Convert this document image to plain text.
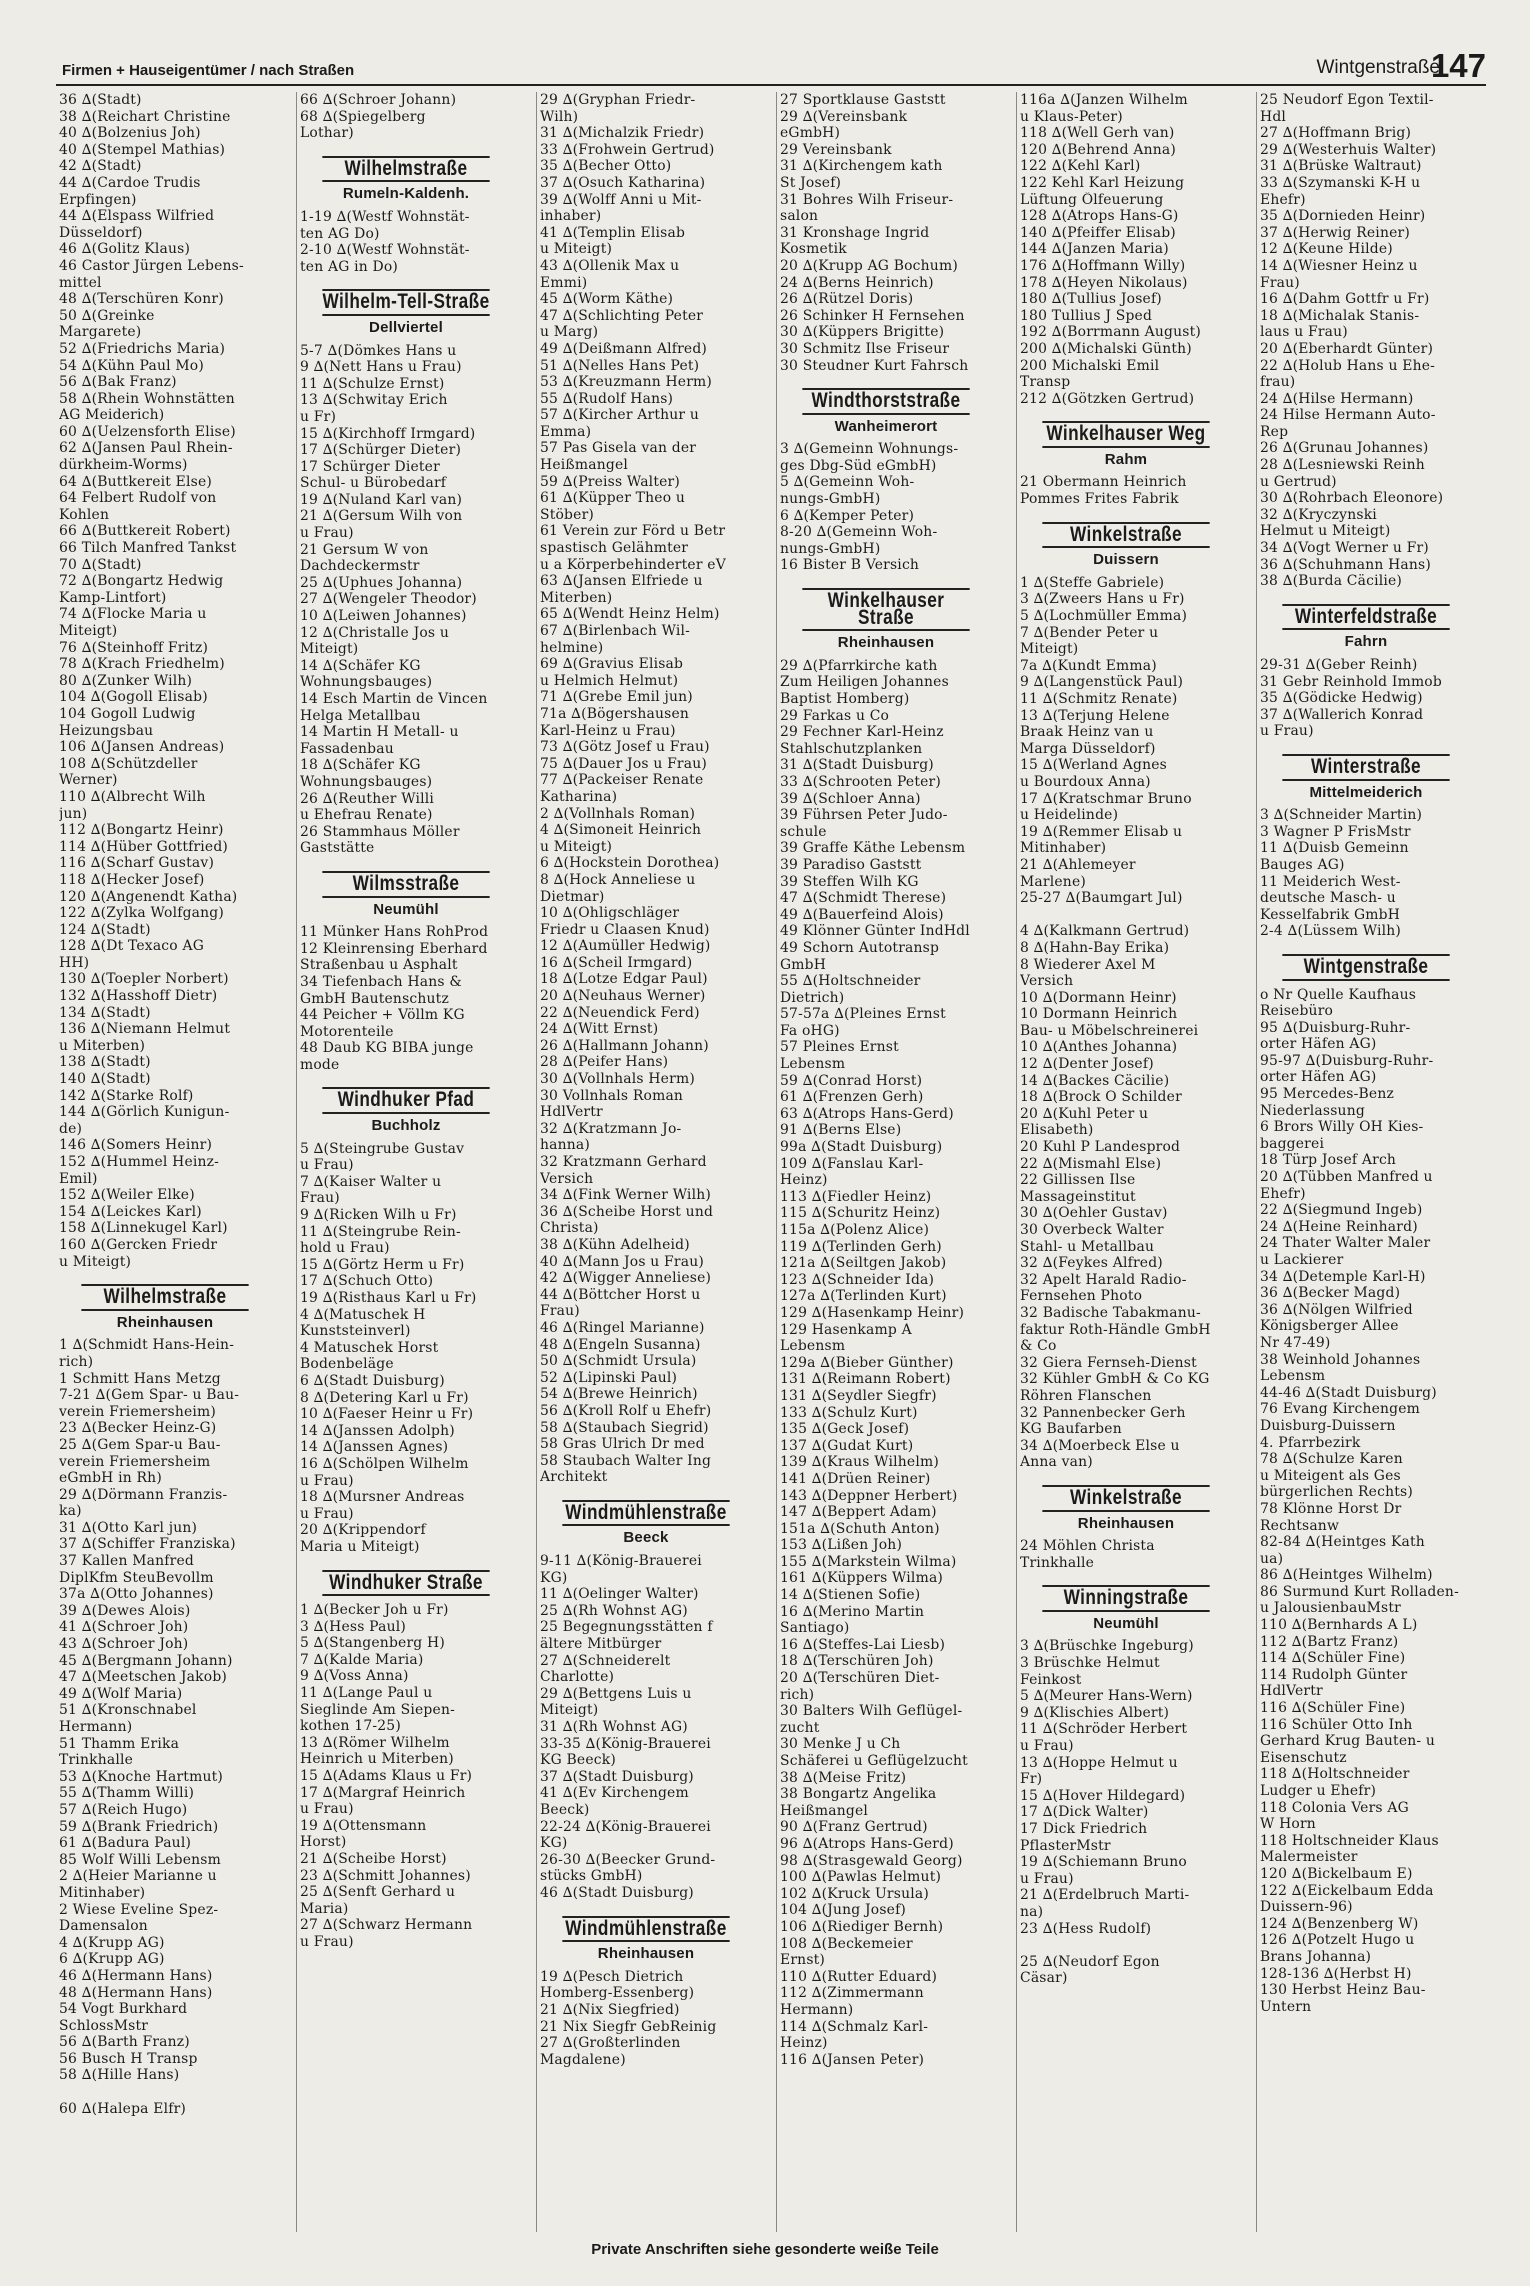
Firmen + Hauseigentümer / nach Straßen	Wintgenstraße
147
36 ∆(Stadt)
38 ∆(Reichart Christine
40 ∆(Bolzenius Joh)
40 ∆(Stempel Mathias)
42 ∆(Stadt)
44 ∆(Cardoe Trudis
Erpfingen)
44 ∆(Elspass Wilfried
Düsseldorf)
46 ∆(Golitz Klaus)
46 Castor Jürgen Lebens-
mittel
48 ∆(Terschüren Konr)
50 ∆(Greinke
Margarete)
52 ∆(Friedrichs Maria)
54 ∆(Kühn Paul Mo)
56 ∆(Bak Franz)
58 ∆(Rhein Wohnstätten
AG Meiderich)
60 ∆(Uelzensforth Elise)
62 ∆(Jansen Paul Rhein-
dürkheim-Worms)
64 ∆(Buttkereit Else)
64 Felbert Rudolf von
Kohlen
66 ∆(Buttkereit Robert)
66 Tilch Manfred Tankst
70 ∆(Stadt)
72 ∆(Bongartz Hedwig
Kamp-Lintfort)
74 ∆(Flocke Maria u
Miteigt)
76 ∆(Steinhoff Fritz)
78 ∆(Krach Friedhelm)
80 ∆(Zunker Wilh)
104 ∆(Gogoll Elisab)
104 Gogoll Ludwig
Heizungsbau
106 ∆(Jansen Andreas)
108 ∆(Schützdeller
Werner)
110 ∆(Albrecht Wilh
jun)
112 ∆(Bongartz Heinr)
114 ∆(Hüber Gottfried)
116 ∆(Scharf Gustav)
118 ∆(Hecker Josef)
120 ∆(Angenendt Katha)
122 ∆(Zylka Wolfgang)
124 ∆(Stadt)
128 ∆(Dt Texaco AG
HH)
130 ∆(Toepler Norbert)
132 ∆(Hasshoff Dietr)
134 ∆(Stadt)
136 ∆(Niemann Helmut
u Miterben)
138 ∆(Stadt)
140 ∆(Stadt)
142 ∆(Starke Rolf)
144 ∆(Görlich Kunigun-
de)
146 ∆(Somers Heinr)
152 ∆(Hummel Heinz-
Emil)
152 ∆(Weiler Elke)
154 ∆(Leickes Karl)
158 ∆(Linnekugel Karl)
160 ∆(Gercken Friedr
u Miteigt)
Wilhelmstraße
Rheinhausen
1 ∆(Schmidt Hans-Hein-
rich)
1 Schmitt Hans Metzg
7-21 ∆(Gem Spar- u Bau-
verein Friemersheim)
23 ∆(Becker Heinz-G)
25 ∆(Gem Spar-u Bau-
verein Friemersheim
eGmbH in Rh)
29 ∆(Dörmann Franzis-
ka)
31 ∆(Otto Karl jun)
37 ∆(Schiffer Franziska)
37 Kallen Manfred
DiplKfm SteuBevollm
37a ∆(Otto Johannes)
39 ∆(Dewes Alois)
41 ∆(Schroer Joh)
43 ∆(Schroer Joh)
45 ∆(Bergmann Johann)
47 ∆(Meetschen Jakob)
49 ∆(Wolf Maria)
51 ∆(Kronschnabel
Hermann)
51 Thamm Erika
Trinkhalle
53 ∆(Knoche Hartmut)
55 ∆(Thamm Willi)
57 ∆(Reich Hugo)
59 ∆(Brank Friedrich)
61 ∆(Badura Paul)
85 Wolf Willi Lebensm
2 ∆(Heier Marianne u
Mitinhaber)
2 Wiese Eveline Spez-
Damensalon
4 ∆(Krupp AG)
6 ∆(Krupp AG)
46 ∆(Hermann Hans)
48 ∆(Hermann Hans)
54 Vogt Burkhard
SchlossMstr
56 ∆(Barth Franz)
56 Busch H Transp
58 ∆(Hille Hans)

60 ∆(Halepa Elfr)
66 ∆(Schroer Johann)
68 ∆(Spiegelberg
Lothar)
Wilhelmstraße
Rumeln-Kaldenh.
1-19 ∆(Westf Wohnstät-
ten AG Do)
2-10 ∆(Westf Wohnstät-
ten AG in Do)
Wilhelm-Tell-Straße
Dellviertel
5-7 ∆(Dömkes Hans u
9 ∆(Nett Hans u Frau)
11 ∆(Schulze Ernst)
13 ∆(Schwitay Erich
u Fr)
15 ∆(Kirchhoff Irmgard)
17 ∆(Schürger Dieter)
17 Schürger Dieter
Schul- u Bürobedarf
19 ∆(Nuland Karl van)
21 ∆(Gersum Wilh von
u Frau)
21 Gersum W von
Dachdeckermstr
25 ∆(Uphues Johanna)
27 ∆(Wengeler Theodor)
10 ∆(Leiwen Johannes)
12 ∆(Christalle Jos u
Miteigt)
14 ∆(Schäfer KG
Wohnungsbauges)
14 Esch Martin de Vincen
Helga Metallbau
14 Martin H Metall- u
Fassadenbau
18 ∆(Schäfer KG
Wohnungsbauges)
26 ∆(Reuther Willi
u Ehefrau Renate)
26 Stammhaus Möller
Gaststätte
Wilmsstraße
Neumühl
11 Münker Hans RohProd
12 Kleinrensing Eberhard
Straßenbau u Asphalt
34 Tiefenbach Hans &
GmbH Bautenschutz
44 Peicher + Völlm KG
Motorenteile
48 Daub KG BIBA junge
mode
Windhuker Pfad
Buchholz
5 ∆(Steingrube Gustav
u Frau)
7 ∆(Kaiser Walter u
Frau)
9 ∆(Ricken Wilh u Fr)
11 ∆(Steingrube Rein-
hold u Frau)
15 ∆(Görtz Herm u Fr)
17 ∆(Schuch Otto)
19 ∆(Risthaus Karl u Fr)
4 ∆(Matuschek H
Kunststeinverl)
4 Matuschek Horst
Bodenbeläge
6 ∆(Stadt Duisburg)
8 ∆(Detering Karl u Fr)
10 ∆(Faeser Heinr u Fr)
14 ∆(Janssen Adolph)
14 ∆(Janssen Agnes)
16 ∆(Schölpen Wilhelm
u Frau)
18 ∆(Mursner Andreas
u Frau)
20 ∆(Krippendorf
Maria u Miteigt)
Windhuker Straße
1 ∆(Becker Joh u Fr)
3 ∆(Hess Paul)
5 ∆(Stangenberg H)
7 ∆(Kalde Maria)
9 ∆(Voss Anna)
11 ∆(Lange Paul u
Sieglinde Am Siepen-
kothen 17-25)
13 ∆(Römer Wilhelm
Heinrich u Miterben)
15 ∆(Adams Klaus u Fr)
17 ∆(Margraf Heinrich
u Frau)
19 ∆(Ottensmann
Horst)
21 ∆(Scheibe Horst)
23 ∆(Schmitt Johannes)
25 ∆(Senft Gerhard u
Maria)
27 ∆(Schwarz Hermann
u Frau)
29 ∆(Gryphan Friedr-
Wilh)
31 ∆(Michalzik Friedr)
33 ∆(Frohwein Gertrud)
35 ∆(Becher Otto)
37 ∆(Osuch Katharina)
39 ∆(Wolff Anni u Mit-
inhaber)
41 ∆(Templin Elisab
u Miteigt)
43 ∆(Ollenik Max u
Emmi)
45 ∆(Worm Käthe)
47 ∆(Schlichting Peter
u Marg)
49 ∆(Deißmann Alfred)
51 ∆(Nelles Hans Pet)
53 ∆(Kreuzmann Herm)
55 ∆(Rudolf Hans)
57 ∆(Kircher Arthur u
Emma)
57 Pas Gisela van der
Heißmangel
59 ∆(Preiss Walter)
61 ∆(Küpper Theo u
Stöber)
61 Verein zur Förd u Betr
spastisch Gelähmter
u a Körperbehinderter eV
63 ∆(Jansen Elfriede u
Miterben)
65 ∆(Wendt Heinz Helm)
67 ∆(Birlenbach Wil-
helmine)
69 ∆(Gravius Elisab
u Helmich Helmut)
71 ∆(Grebe Emil jun)
71a ∆(Bögershausen
Karl-Heinz u Frau)
73 ∆(Götz Josef u Frau)
75 ∆(Dauer Jos u Frau)
77 ∆(Packeiser Renate
Katharina)
2 ∆(Vollnhals Roman)
4 ∆(Simoneit Heinrich
u Miteigt)
6 ∆(Hockstein Dorothea)
8 ∆(Hock Anneliese u
Dietmar)
10 ∆(Ohligschläger
Friedr u Claasen Knud)
12 ∆(Aumüller Hedwig)
16 ∆(Scheil Irmgard)
18 ∆(Lotze Edgar Paul)
20 ∆(Neuhaus Werner)
22 ∆(Neuendick Ferd)
24 ∆(Witt Ernst)
26 ∆(Hallmann Johann)
28 ∆(Peifer Hans)
30 ∆(Vollnhals Herm)
30 Vollnhals Roman
HdlVertr
32 ∆(Kratzmann Jo-
hanna)
32 Kratzmann Gerhard
Versich
34 ∆(Fink Werner Wilh)
36 ∆(Scheibe Horst und
Christa)
38 ∆(Kühn Adelheid)
40 ∆(Mann Jos u Frau)
42 ∆(Wigger Anneliese)
44 ∆(Böttcher Horst u
Frau)
46 ∆(Ringel Marianne)
48 ∆(Engeln Susanna)
50 ∆(Schmidt Ursula)
52 ∆(Lipinski Paul)
54 ∆(Brewe Heinrich)
56 ∆(Kroll Rolf u Ehefr)
58 ∆(Staubach Siegrid)
58 Gras Ulrich Dr med
58 Staubach Walter Ing
Architekt
Windmühlenstraße
Beeck
9-11 ∆(König-Brauerei
KG)
11 ∆(Oelinger Walter)
25 ∆(Rh Wohnst AG)
25 Begegnungsstätten f
ältere Mitbürger
27 ∆(Schneiderelt
Charlotte)
29 ∆(Bettgens Luis u
Miteigt)
31 ∆(Rh Wohnst AG)
33-35 ∆(König-Brauerei
KG Beeck)
37 ∆(Stadt Duisburg)
41 ∆(Ev Kirchengem
Beeck)
22-24 ∆(König-Brauerei
KG)
26-30 ∆(Beecker Grund-
stücks GmbH)
46 ∆(Stadt Duisburg)
Windmühlenstraße
Rheinhausen
19 ∆(Pesch Dietrich
Homberg-Essenberg)
21 ∆(Nix Siegfried)
21 Nix Siegfr GebReinig
27 ∆(Großterlinden
Magdalene)
27 Sportklause Gaststt
29 ∆(Vereinsbank
eGmbH)
29 Vereinsbank
31 ∆(Kirchengem kath
St Josef)
31 Bohres Wilh Friseur-
salon
31 Kronshage Ingrid
Kosmetik
20 ∆(Krupp AG Bochum)
24 ∆(Berns Heinrich)
26 ∆(Rützel Doris)
26 Schinker H Fernsehen
30 ∆(Küppers Brigitte)
30 Schmitz Ilse Friseur
30 Steudner Kurt Fahrsch
Windthorststraße
Wanheimerort
3 ∆(Gemeinn Wohnungs-
ges Dbg-Süd eGmbH)
5 ∆(Gemeinn Woh-
nungs-GmbH)
6 ∆(Kemper Peter)
8-20 ∆(Gemeinn Woh-
nungs-GmbH)
16 Bister B Versich
Winkelhauser Straße
Rheinhausen
29 ∆(Pfarrkirche kath
Zum Heiligen Johannes
Baptist Homberg)
29 Farkas u Co
29 Fechner Karl-Heinz
Stahlschutzplanken
31 ∆(Stadt Duisburg)
33 ∆(Schrooten Peter)
39 ∆(Schloer Anna)
39 Führsen Peter Judo-
schule
39 Graffe Käthe Lebensm
39 Paradiso Gaststt
39 Steffen Wilh KG
47 ∆(Schmidt Therese)
49 ∆(Bauerfeind Alois)
49 Klönner Günter IndHdl
49 Schorn Autotransp
GmbH
55 ∆(Holtschneider
Dietrich)
57-57a ∆(Pleines Ernst
Fa oHG)
57 Pleines Ernst
Lebensm
59 ∆(Conrad Horst)
61 ∆(Frenzen Gerh)
63 ∆(Atrops Hans-Gerd)
91 ∆(Berns Else)
99a ∆(Stadt Duisburg)
109 ∆(Fanslau Karl-
Heinz)
113 ∆(Fiedler Heinz)
115 ∆(Schuritz Heinz)
115a ∆(Polenz Alice)
119 ∆(Terlinden Gerh)
121a ∆(Seiltgen Jakob)
123 ∆(Schneider Ida)
127a ∆(Terlinden Kurt)
129 ∆(Hasenkamp Heinr)
129 Hasenkamp A
Lebensm
129a ∆(Bieber Günther)
131 ∆(Reimann Robert)
131 ∆(Seydler Siegfr)
133 ∆(Schulz Kurt)
135 ∆(Geck Josef)
137 ∆(Gudat Kurt)
139 ∆(Kraus Wilhelm)
141 ∆(Drüen Reiner)
143 ∆(Deppner Herbert)
147 ∆(Beppert Adam)
151a ∆(Schuth Anton)
153 ∆(Lißen Joh)
155 ∆(Markstein Wilma)
161 ∆(Küppers Wilma)
14 ∆(Stienen Sofie)
16 ∆(Merino Martin
Santiago)
16 ∆(Steffes-Lai Liesb)
18 ∆(Terschüren Joh)
20 ∆(Terschüren Diet-
rich)
30 Balters Wilh Geflügel-
zucht
30 Menke J u Ch
Schäferei u Geflügelzucht
38 ∆(Meise Fritz)
38 Bongartz Angelika
Heißmangel
90 ∆(Franz Gertrud)
96 ∆(Atrops Hans-Gerd)
98 ∆(Strasgewald Georg)
100 ∆(Pawlas Helmut)
102 ∆(Kruck Ursula)
104 ∆(Jung Josef)
106 ∆(Riediger Bernh)
108 ∆(Beckemeier
Ernst)
110 ∆(Rutter Eduard)
112 ∆(Zimmermann
Hermann)
114 ∆(Schmalz Karl-
Heinz)
116 ∆(Jansen Peter)
116a ∆(Janzen Wilhelm
u Klaus-Peter)
118 ∆(Well Gerh van)
120 ∆(Behrend Anna)
122 ∆(Kehl Karl)
122 Kehl Karl Heizung
Lüftung Ölfeuerung
128 ∆(Atrops Hans-G)
140 ∆(Pfeiffer Elisab)
144 ∆(Janzen Maria)
176 ∆(Hoffmann Willy)
178 ∆(Heyen Nikolaus)
180 ∆(Tullius Josef)
180 Tullius J Sped
192 ∆(Borrmann August)
200 ∆(Michalski Günth)
200 Michalski Emil
Transp
212 ∆(Götzken Gertrud)
Winkelhauser Weg
Rahm
21 Obermann Heinrich
Pommes Frites Fabrik
Winkelstraße
Duissern
1 ∆(Steffe Gabriele)
3 ∆(Zweers Hans u Fr)
5 ∆(Lochmüller Emma)
7 ∆(Bender Peter u
Miteigt)
7a ∆(Kundt Emma)
9 ∆(Langenstück Paul)
11 ∆(Schmitz Renate)
13 ∆(Terjung Helene
Braak Heinz van u
Marga Düsseldorf)
15 ∆(Werland Agnes
u Bourdoux Anna)
17 ∆(Kratschmar Bruno
u Heidelinde)
19 ∆(Remmer Elisab u
Mitinhaber)
21 ∆(Ahlemeyer
Marlene)
25-27 ∆(Baumgart Jul)

4 ∆(Kalkmann Gertrud)
8 ∆(Hahn-Bay Erika)
8 Wiederer Axel M
Versich
10 ∆(Dormann Heinr)
10 Dormann Heinrich
Bau- u Möbelschreinerei
10 ∆(Anthes Johanna)
12 ∆(Denter Josef)
14 ∆(Backes Cäcilie)
18 ∆(Brock O Schilder
20 ∆(Kuhl Peter u
Elisabeth)
20 Kuhl P Landesprod
22 ∆(Mismahl Else)
22 Gillissen Ilse
Massageinstitut
30 ∆(Oehler Gustav)
30 Overbeck Walter
Stahl- u Metallbau
32 ∆(Feykes Alfred)
32 Apelt Harald Radio-
Fernsehen Photo
32 Badische Tabakmanu-
faktur Roth-Händle GmbH
& Co
32 Giera Fernseh-Dienst
32 Kühler GmbH & Co KG
Röhren Flanschen
32 Pannenbecker Gerh
KG Baufarben
34 ∆(Moerbeck Else u
Anna van)
Winkelstraße
Rheinhausen
24 Möhlen Christa
Trinkhalle
Winningstraße
Neumühl
3 ∆(Brüschke Ingeburg)
3 Brüschke Helmut
Feinkost
5 ∆(Meurer Hans-Wern)
9 ∆(Klischies Albert)
11 ∆(Schröder Herbert
u Frau)
13 ∆(Hoppe Helmut u
Fr)
15 ∆(Hover Hildegard)
17 ∆(Dick Walter)
17 Dick Friedrich
PflasterMstr
19 ∆(Schiemann Bruno
u Frau)
21 ∆(Erdelbruch Marti-
na)
23 ∆(Hess Rudolf)

25 ∆(Neudorf Egon
Cäsar)
25 Neudorf Egon Textil-
Hdl
27 ∆(Hoffmann Brig)
29 ∆(Westerhuis Walter)
31 ∆(Brüske Waltraut)
33 ∆(Szymanski K-H u
Ehefr)
35 ∆(Dornieden Heinr)
37 ∆(Herwig Reiner)
12 ∆(Keune Hilde)
14 ∆(Wiesner Heinz u
Frau)
16 ∆(Dahm Gottfr u Fr)
18 ∆(Michalak Stanis-
laus u Frau)
20 ∆(Eberhardt Günter)
22 ∆(Holub Hans u Ehe-
frau)
24 ∆(Hilse Hermann)
24 Hilse Hermann Auto-
Rep
26 ∆(Grunau Johannes)
28 ∆(Lesniewski Reinh
u Gertrud)
30 ∆(Rohrbach Eleonore)
32 ∆(Kryczynski
Helmut u Miteigt)
34 ∆(Vogt Werner u Fr)
36 ∆(Schuhmann Hans)
38 ∆(Burda Cäcilie)
Winterfeldstraße
Fahrn
29-31 ∆(Geber Reinh)
31 Gebr Reinhold Immob
35 ∆(Gödicke Hedwig)
37 ∆(Wallerich Konrad
u Frau)
Winterstraße
Mittelmeiderich
3 ∆(Schneider Martin)
3 Wagner P FrisMstr
11 ∆(Duisb Gemeinn
Bauges AG)
11 Meiderich West-
deutsche Masch- u
Kesselfabrik GmbH
2-4 ∆(Lüssem Wilh)
Wintgenstraße
o Nr Quelle Kaufhaus
Reisebüro
95 ∆(Duisburg-Ruhr-
orter Häfen AG)
95-97 ∆(Duisburg-Ruhr-
orter Häfen AG)
95 Mercedes-Benz
Niederlassung
6 Brors Willy OH Kies-
baggerei
18 Türp Josef Arch
20 ∆(Tübben Manfred u
Ehefr)
22 ∆(Siegmund Ingeb)
24 ∆(Heine Reinhard)
24 Thater Walter Maler
u Lackierer
34 ∆(Detemple Karl-H)
36 ∆(Becker Magd)
36 ∆(Nölgen Wilfried
Königsberger Allee
Nr 47-49)
38 Weinhold Johannes
Lebensm
44-46 ∆(Stadt Duisburg)
76 Evang Kirchengem
Duisburg-Duissern
4. Pfarrbezirk
78 ∆(Schulze Karen
u Miteigent als Ges
bürgerlichen Rechts)
78 Klönne Horst Dr
Rechtsanw
82-84 ∆(Heintges Kath
ua)
86 ∆(Heintges Wilhelm)
86 Surmund Kurt Rolladen-
u JalousienbauMstr
110 ∆(Bernhards A L)
112 ∆(Bartz Franz)
114 ∆(Schüler Fine)
114 Rudolph Günter
HdlVertr
116 ∆(Schüler Fine)
116 Schüler Otto Inh
Gerhard Krug Bauten- u
Eisenschutz
118 ∆(Holtschneider
Ludger u Ehefr)
118 Colonia Vers AG
W Horn
118 Holtschneider Klaus
Malermeister
120 ∆(Bickelbaum E)
122 ∆(Eickelbaum Edda
Duissern-96)
124 ∆(Benzenberg W)
126 ∆(Potzelt Hugo u
Brans Johanna)
128-136 ∆(Herbst H)
130 Herbst Heinz Bau-
Untern
Private Anschriften siehe gesonderte weiße Teile
